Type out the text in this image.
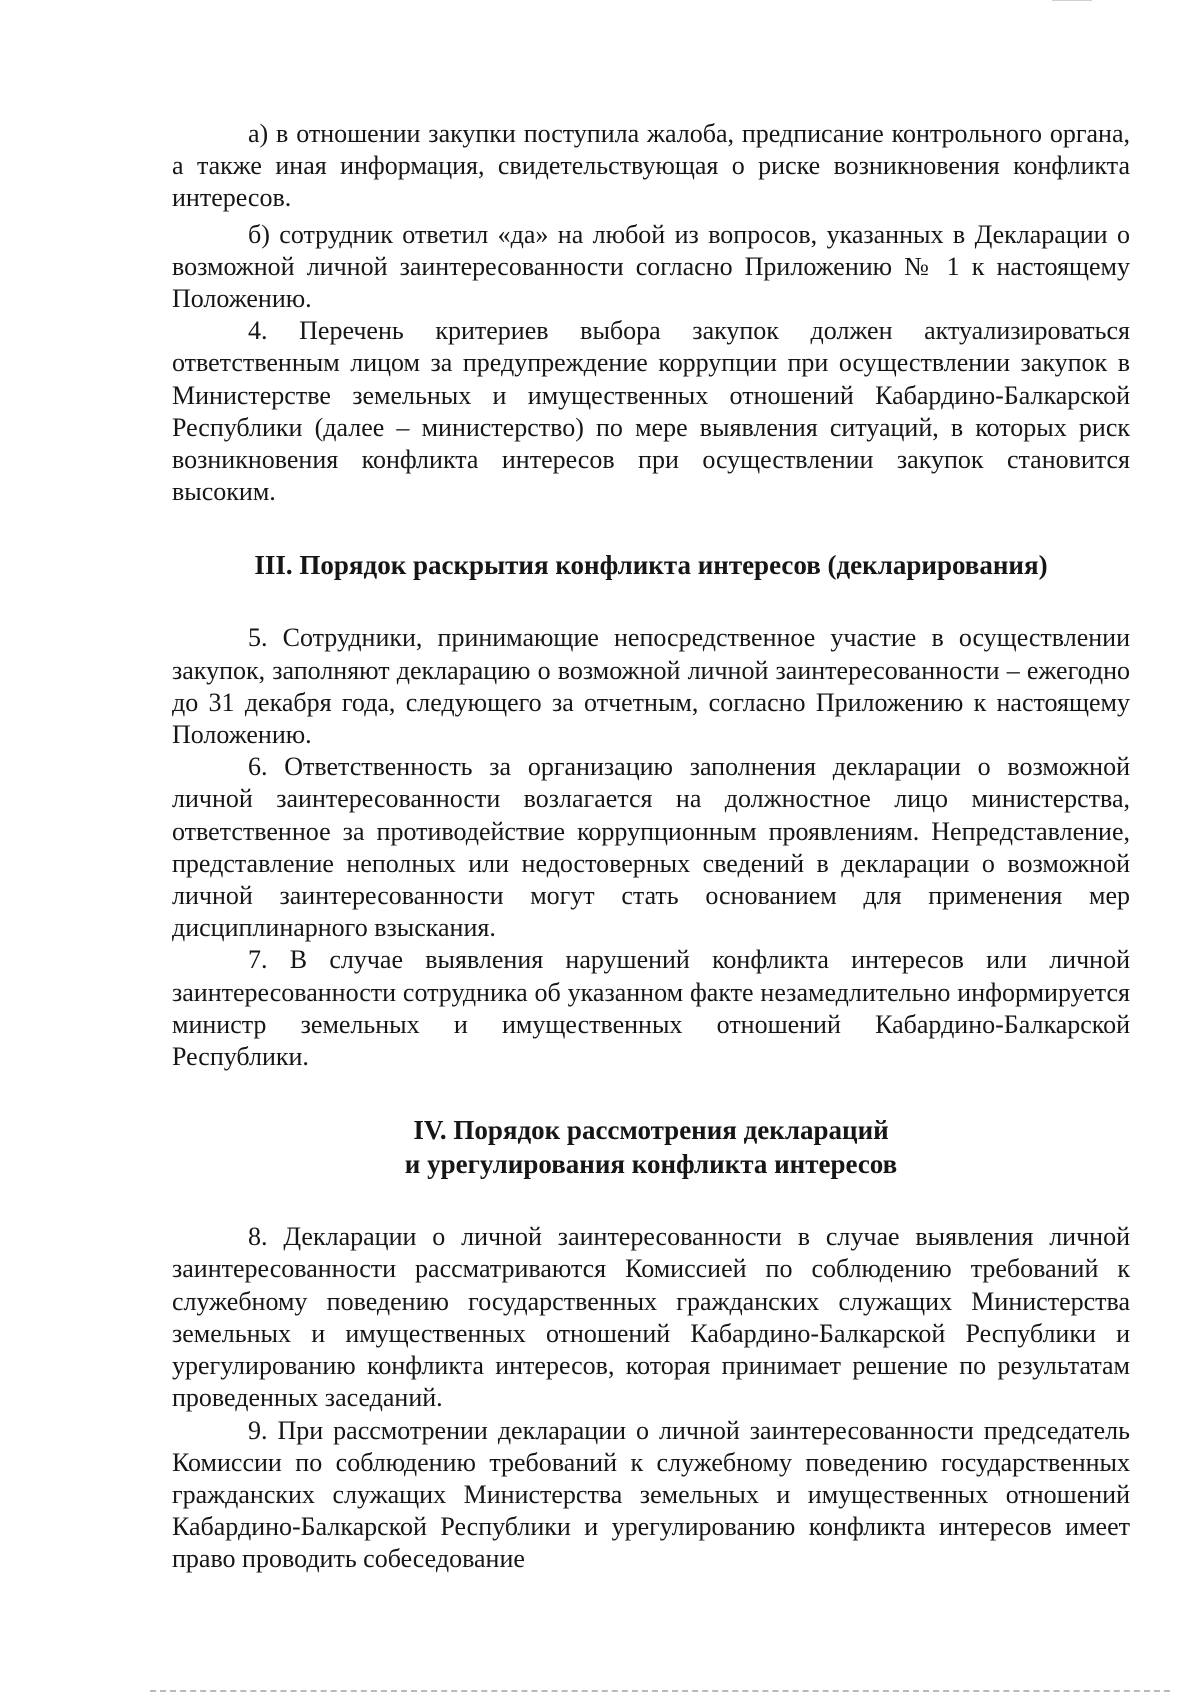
а) в отношении закупки поступила жалоба, предписание контрольного органа, а также иная информация, свидетельствующая о риске возникновения конфликта интересов.

б) сотрудник ответил «да» на любой из вопросов, указанных в Декларации о возможной личной заинтересованности согласно Приложению № 1 к настоящему Положению.

4. Перечень критериев выбора закупок должен актуализироваться ответственным лицом за предупреждение коррупции при осуществлении закупок в Министерстве земельных и имущественных отношений Кабардино-Балкарской Республики (далее – министерство) по мере выявления ситуаций, в которых риск возникновения конфликта интересов при осуществлении закупок становится высоким.

III. Порядок раскрытия конфликта интересов (декларирования)

5. Сотрудники, принимающие непосредственное участие в осуществлении закупок, заполняют декларацию о возможной личной заинтересованности – ежегодно до 31 декабря года, следующего за отчетным, согласно Приложению к настоящему Положению.

6. Ответственность за организацию заполнения декларации о возможной личной заинтересованности возлагается на должностное лицо министерства, ответственное за противодействие коррупционным проявлениям. Непредставление, представление неполных или недостоверных сведений в декларации о возможной личной заинтересованности могут стать основанием для применения мер дисциплинарного взыскания.

7. В случае выявления нарушений конфликта интересов или личной заинтересованности сотрудника об указанном факте незамедлительно информируется министр земельных и имущественных отношений Кабардино-Балкарской Республики.

IV. Порядок рассмотрения деклараций
и урегулирования конфликта интересов

8. Декларации о личной заинтересованности в случае выявления личной заинтересованности рассматриваются Комиссией по соблюдению требований к служебному поведению государственных гражданских служащих Министерства земельных и имущественных отношений Кабардино-Балкарской Республики и урегулированию конфликта интересов, которая принимает решение по результатам проведенных заседаний.

9. При рассмотрении декларации о личной заинтересованности председатель Комиссии по соблюдению требований к служебному поведению государственных гражданских служащих Министерства земельных и имущественных отношений Кабардино-Балкарской Республики и урегулированию конфликта интересов имеет право проводить собеседование
